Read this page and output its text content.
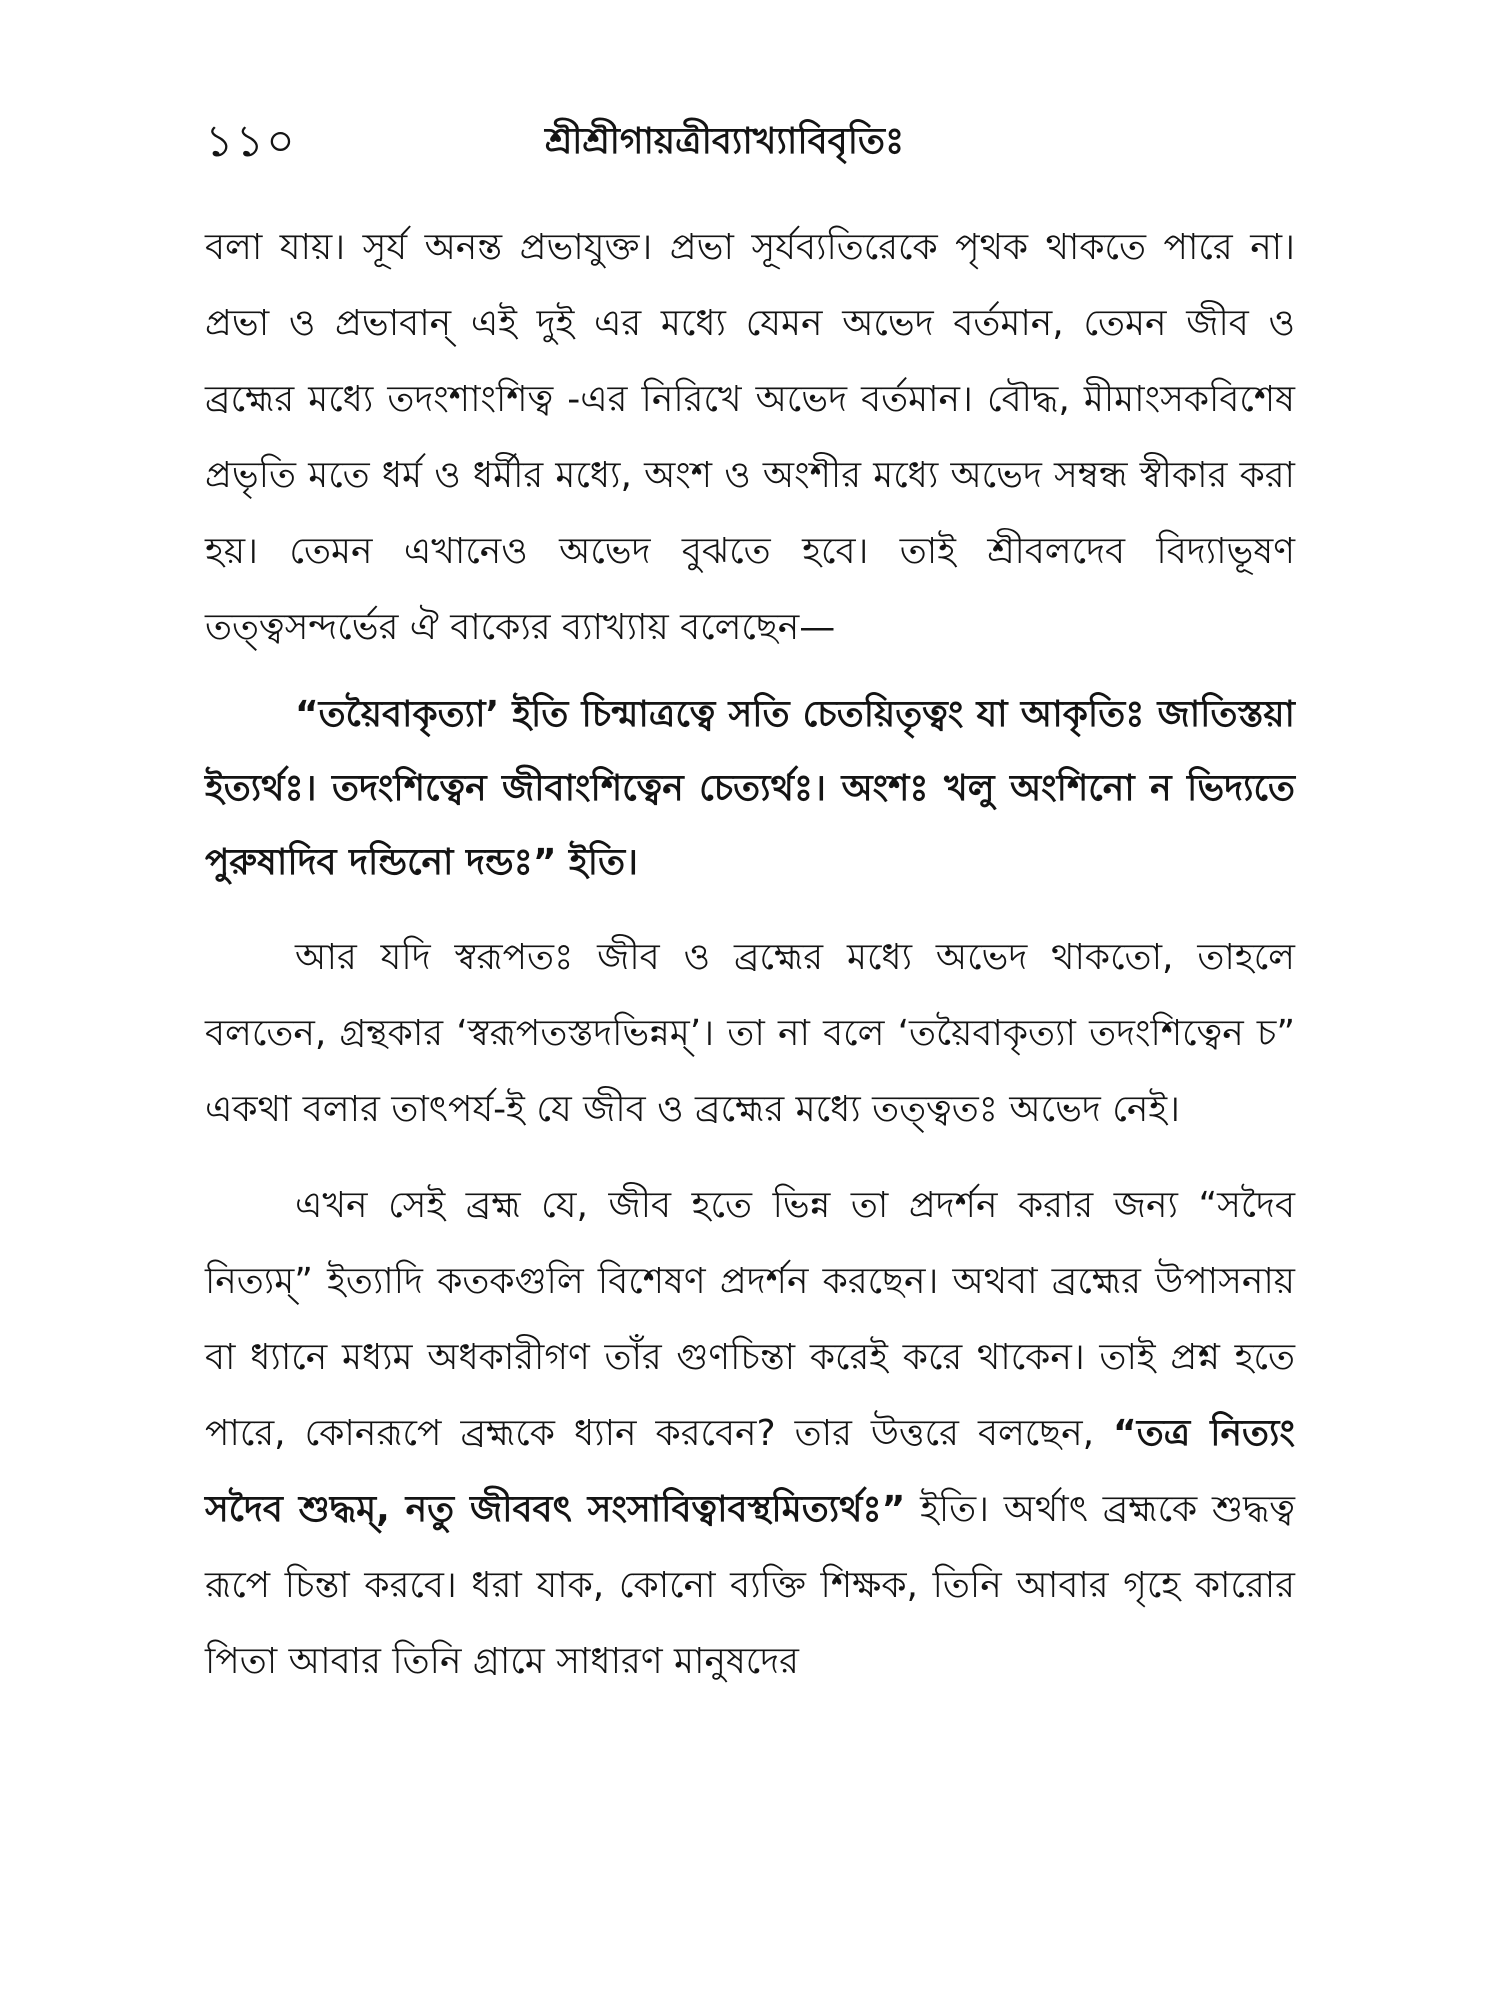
১১০	শ্রীশ্রীগায়ত্রীব্যাখ্যাবিবৃতিঃ

বলা যায়। সূর্য অনন্ত প্রভাযুক্ত। প্রভা সূর্যব্যতিরেকে পৃথক থাকতে পারে না। প্রভা ও প্রভাবান্ এই দুই এর মধ্যে যেমন অভেদ বর্তমান, তেমন জীব ও ব্রহ্মের মধ্যে তদংশাংশিত্ব -এর নিরিখে অভেদ বর্তমান। বৌদ্ধ, মীমাংসকবিশেষ প্রভৃতি মতে ধর্ম ও ধর্মীর মধ্যে, অংশ ও অংশীর মধ্যে অভেদ সম্বন্ধ স্বীকার করা হয়। তেমন এখানেও অভেদ বুঝতে হবে। তাই শ্রীবলদেব বিদ্যাভূষণ তত্ত্বসন্দর্ভের ঐ বাক্যের ব্যাখ্যায় বলেছেন—

“তয়ৈবাকৃত্যা’ ইতি চিন্মাত্রত্বে সতি চেতয়িতৃত্বং যা আকৃতিঃ জাতিস্তয়া ইত্যর্থঃ। তদংশিত্বেন জীবাংশিত্বেন চেত্যর্থঃ। অংশঃ খলু অংশিনো ন ভিদ্যতে পুরুষাদিব দন্ডিনো দন্ডঃ” ইতি।

আর যদি স্বরূপতঃ জীব ও ব্রহ্মের মধ্যে অভেদ থাকতো, তাহলে বলতেন, গ্রন্থকার ‘স্বরূপতস্তদভিন্নম্’। তা না বলে ‘তয়ৈবাকৃত্যা তদংশিত্বেন চ” একথা বলার তাৎপর্য-ই যে জীব ও ব্রহ্মের মধ্যে তত্ত্বতঃ অভেদ নেই।

এখন সেই ব্রহ্ম যে, জীব হতে ভিন্ন তা প্রদর্শন করার জন্য “সদৈব নিত্যম্” ইত্যাদি কতকগুলি বিশেষণ প্রদর্শন করছেন। অথবা ব্রহ্মের উপাসনায় বা ধ্যানে মধ্যম অধকারীগণ তাঁর গুণচিন্তা করেই করে থাকেন। তাই প্রশ্ন হতে পারে, কোনরূপে ব্রহ্মকে ধ্যান করবেন? তার উত্তরে বলছেন, “তত্র নিত্যং সদৈব শুদ্ধম্, নতু জীববৎ সংসাবিত্বাবস্থমিত্যর্থঃ” ইতি। অর্থাৎ ব্রহ্মকে শুদ্ধত্ব রূপে চিন্তা করবে। ধরা যাক, কোনো ব্যক্তি শিক্ষক, তিনি আবার গৃহে কারোর পিতা আবার তিনি গ্রামে সাধারণ মানুষদের
